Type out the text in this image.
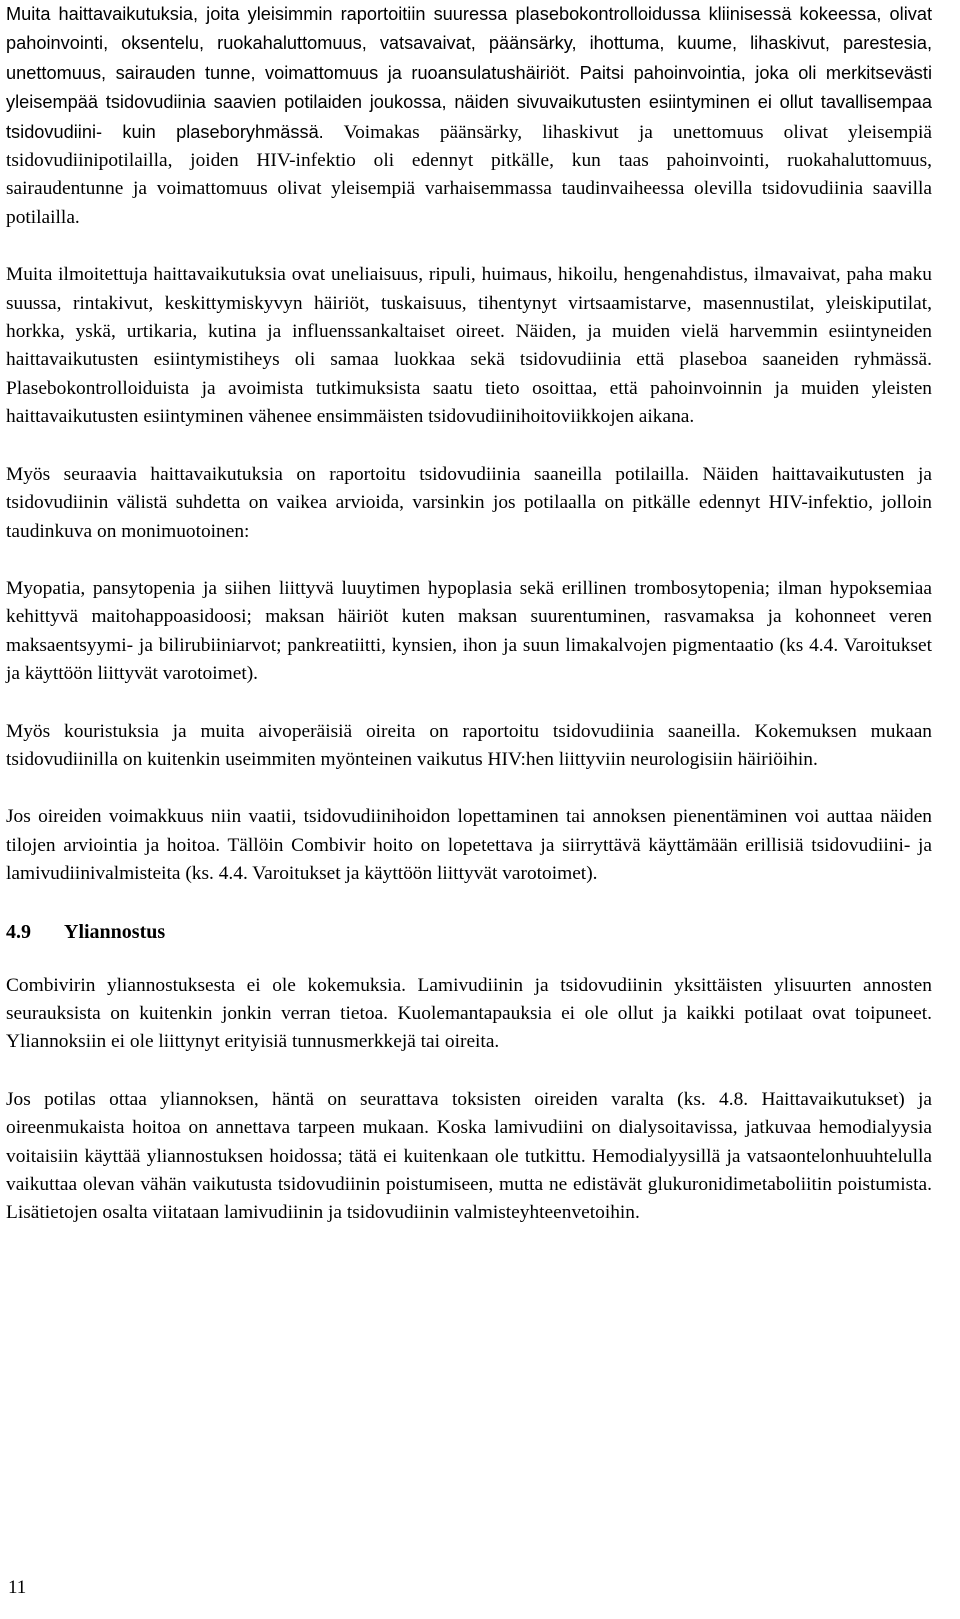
Muita haittavaikutuksia, joita yleisimmin raportoitiin suuressa plasebokontrolloidussa kliinisessä kokeessa, olivat pahoinvointi, oksentelu, ruokahaluttomuus, vatsavaivat, päänsärky, ihottuma, kuume, lihaskivut, parestesia, unettomuus, sairauden tunne, voimattomuus ja ruoansulatushäiriöt. Paitsi pahoinvointia, joka oli merkitsevästi yleisempää tsidovudiinia saavien potilaiden joukossa, näiden sivuvaikutusten esiintyminen ei ollut tavallisempaa tsidovudiini- kuin plaseboryhmässä. Voimakas päänsärky, lihaskivut ja unettomuus olivat yleisempiä tsidovudiinipotilailla, joiden HIV-infektio oli edennyt pitkälle, kun taas pahoinvointi, ruokahaluttomuus, sairaudentunne ja voimattomuus olivat yleisempiä varhaisemmassa taudinvaiheessa olevilla tsidovudiinia saavilla potilailla.

Muita ilmoitettuja haittavaikutuksia ovat uneliaisuus, ripuli, huimaus, hikoilu, hengenahdistus, ilmavaivat, paha maku suussa, rintakivut, keskittymiskyvyn häiriöt, tuskaisuus, tihentynyt virtsaamistarve, masennustilat, yleiskiputilat, horkka, yskä, urtikaria, kutina ja influenssankaltaiset oireet. Näiden, ja muiden vielä harvemmin esiintyneiden haittavaikutusten esiintymistiheys oli samaa luokkaa sekä tsidovudiinia että plaseboa saaneiden ryhmässä. Plasebokontrolloiduista ja avoimista tutkimuksista saatu tieto osoittaa, että pahoinvoinnin ja muiden yleisten haittavaikutusten esiintyminen vähenee ensimmäisten tsidovudiinihoitoviikkojen aikana.

Myös seuraavia haittavaikutuksia on raportoitu tsidovudiinia saaneilla potilailla. Näiden haittavaikutusten ja tsidovudiinin välistä suhdetta on vaikea arvioida, varsinkin jos potilaalla on pitkälle edennyt HIV-infektio, jolloin taudinkuva on monimuotoinen:

Myopatia, pansytopenia ja siihen liittyvä luuytimen hypoplasia sekä erillinen trombosytopenia; ilman hypoksemiaa kehittyvä maitohappoasidoosi; maksan häiriöt kuten maksan suurentuminen, rasvamaksa ja kohonneet veren maksaentsyymi- ja bilirubiiniarvot; pankreatiitti, kynsien, ihon ja suun limakalvojen pigmentaatio (ks 4.4. Varoitukset ja käyttöön liittyvät varotoimet).

Myös kouristuksia ja muita aivoperäisiä oireita on raportoitu tsidovudiinia saaneilla. Kokemuksen mukaan tsidovudiinilla on kuitenkin useimmiten myönteinen vaikutus HIV:hen liittyviin neurologisiin häiriöihin.

Jos oireiden voimakkuus niin vaatii, tsidovudiinihoidon lopettaminen tai annoksen pienentäminen voi auttaa näiden tilojen arviointia ja hoitoa. Tällöin Combivir hoito on lopetettava ja siirryttävä käyttämään erillisiä tsidovudiini- ja lamivudiinivalmisteita (ks. 4.4. Varoitukset ja käyttöön liittyvät varotoimet).

4.9 Yliannostus

Combivirin yliannostuksesta ei ole kokemuksia. Lamivudiinin ja tsidovudiinin yksittäisten ylisuurten annosten seurauksista on kuitenkin jonkin verran tietoa. Kuolemantapauksia ei ole ollut ja kaikki potilaat ovat toipuneet. Yliannoksiin ei ole liittynyt erityisiä tunnusmerkkejä tai oireita.

Jos potilas ottaa yliannoksen, häntä on seurattava toksisten oireiden varalta (ks. 4.8. Haittavaikutukset) ja oireenmukaista hoitoa on annettava tarpeen mukaan. Koska lamivudiini on dialysoitavissa, jatkuvaa hemodialyysia voitaisiin käyttää yliannostuksen hoidossa; tätä ei kuitenkaan ole tutkittu. Hemodialyysillä ja vatsaontelonhuuhtelulla vaikuttaa olevan vähän vaikutusta tsidovudiinin poistumiseen, mutta ne edistävät glukuronidimetaboliitin poistumista. Lisätietojen osalta viitataan lamivudiinin ja tsidovudiinin valmisteyhteenvetoihin.

11
